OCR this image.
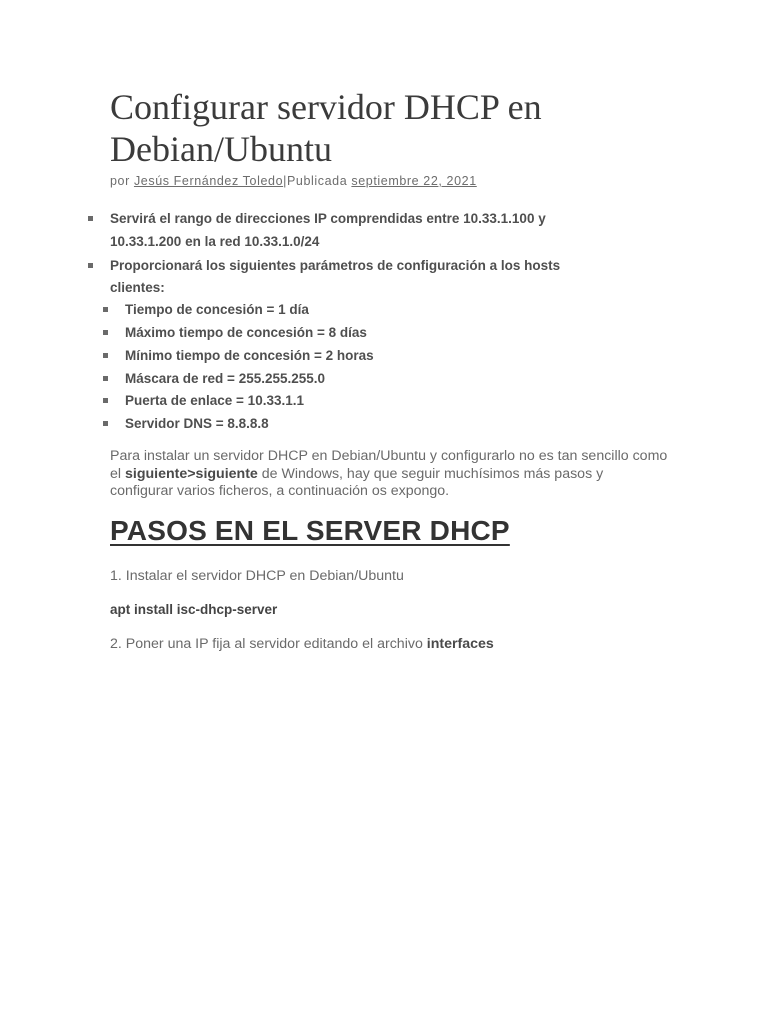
Configurar servidor DHCP en Debian/Ubuntu
por Jesús Fernández Toledo|Publicada septiembre 22, 2021
Servirá el rango de direcciones IP comprendidas entre 10.33.1.100 y
10.33.1.200 en la red 10.33.1.0/24
Proporcionará los siguientes parámetros de configuración a los hosts
clientes:
Tiempo de concesión = 1 día
Máximo tiempo de concesión = 8 días
Mínimo tiempo de concesión = 2 horas
Máscara de red = 255.255.255.0
Puerta de enlace = 10.33.1.1
Servidor DNS = 8.8.8.8

Para instalar un servidor DHCP en Debian/Ubuntu y configurarlo no es tan sencillo como el siguiente>siguiente de Windows, hay que seguir muchísimos más pasos y configurar varios ficheros, a continuación os expongo.

PASOS EN EL SERVER DHCP
1. Instalar el servidor DHCP en Debian/Ubuntu
apt install isc-dhcp-server
2. Poner una IP fija al servidor editando el archivo interfaces
